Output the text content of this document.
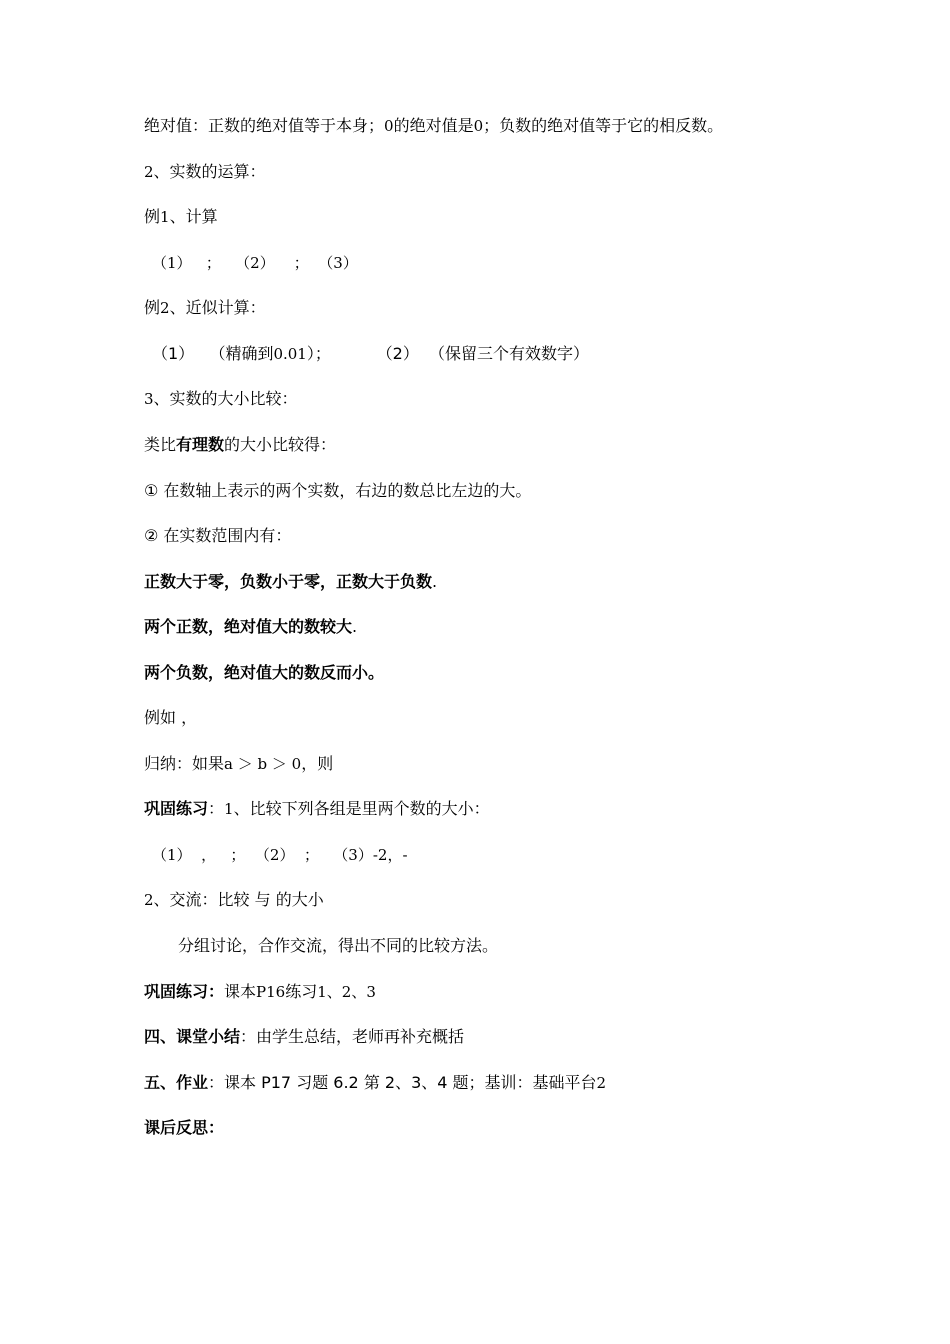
绝对值：正数的绝对值等于本身；0的绝对值是0；负数的绝对值等于它的相反数。
2、实数的运算：
例1、计算
（1）   ；   （2）    ；  （3）
例2、近似计算：
（1）   （精确到0.01）；         （2）  （保留三个有效数字）
3、实数的大小比较：
类比有理数的大小比较得：
① 在数轴上表示的两个实数，右边的数总比左边的大。
② 在实数范围内有：
正数大于零，负数小于零，正数大于负数.
两个正数，绝对值大的数较大.
两个负数，绝对值大的数反而小。
例如 ，
归纳：如果a ＞ b ＞ 0，则
巩固练习：1、比较下列各组是里两个数的大小：
（1）  ，   ；  （2）  ；   （3）-2，-
2、交流：比较 与 的大小
分组讨论，合作交流，得出不同的比较方法。
巩固练习：课本P16练习1、2、3
四、课堂小结：由学生总结，老师再补充概括
五、作业：课本 P17 习题 6.2 第 2、3、4 题；基训：基础平台2
课后反思：
